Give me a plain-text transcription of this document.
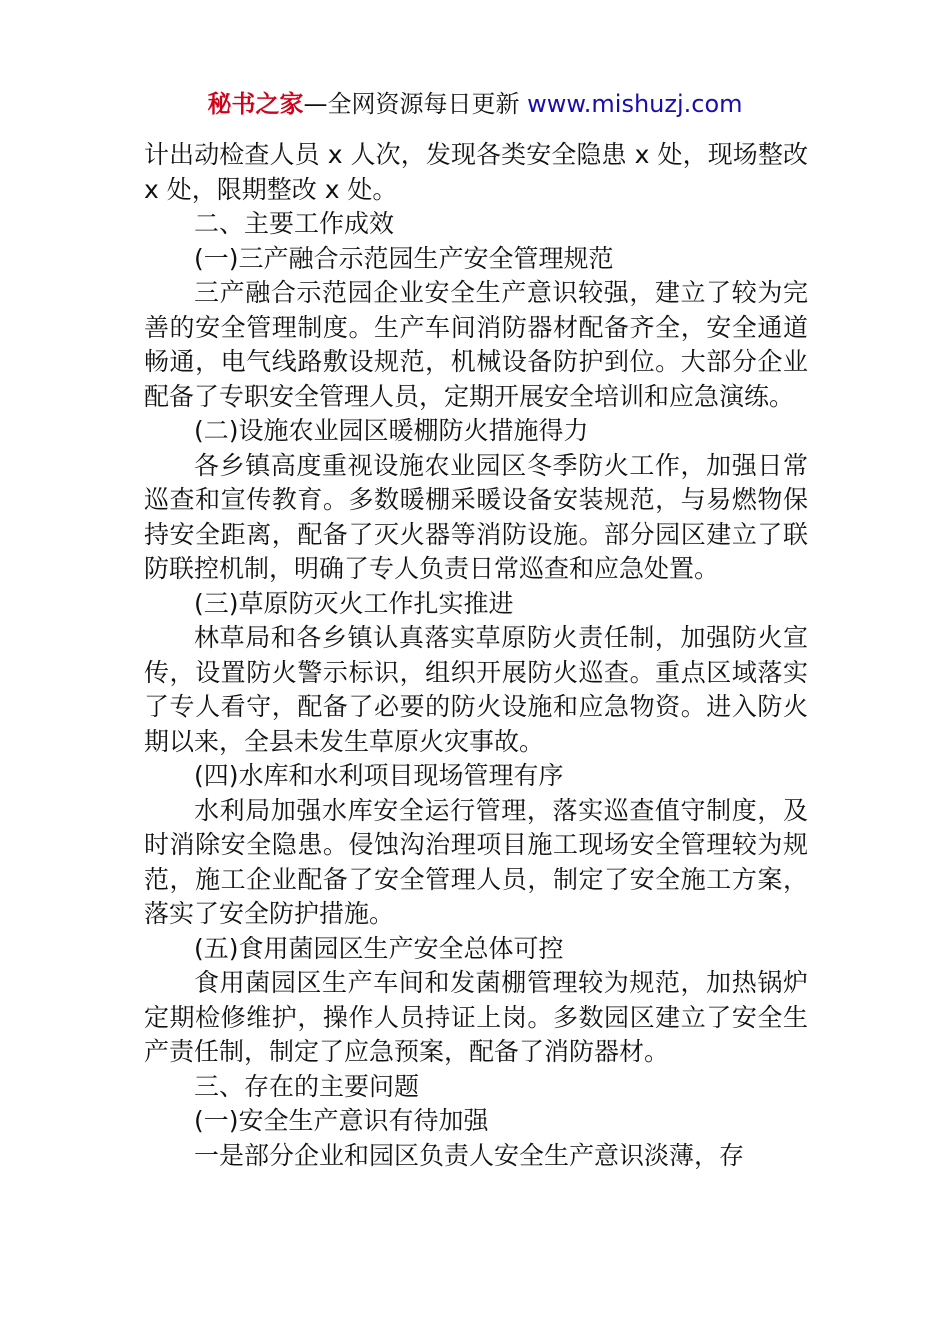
秘书之家—全网资源每日更新 www.mishuzj.com

计出动检查人员 x 人次，发现各类安全隐患 x 处，现场整改x 处，限期整改 x 处。

二、主要工作成效

(一)三产融合示范园生产安全管理规范

三产融合示范园企业安全生产意识较强，建立了较为完善的安全管理制度。生产车间消防器材配备齐全，安全通道畅通，电气线路敷设规范，机械设备防护到位。大部分企业配备了专职安全管理人员，定期开展安全培训和应急演练。

(二)设施农业园区暖棚防火措施得力

各乡镇高度重视设施农业园区冬季防火工作，加强日常巡查和宣传教育。多数暖棚采暖设备安装规范，与易燃物保持安全距离，配备了灭火器等消防设施。部分园区建立了联防联控机制，明确了专人负责日常巡查和应急处置。

(三)草原防灭火工作扎实推进

林草局和各乡镇认真落实草原防火责任制，加强防火宣传，设置防火警示标识，组织开展防火巡查。重点区域落实了专人看守，配备了必要的防火设施和应急物资。进入防火期以来，全县未发生草原火灾事故。

(四)水库和水利项目现场管理有序

水利局加强水库安全运行管理，落实巡查值守制度，及时消除安全隐患。侵蚀沟治理项目施工现场安全管理较为规范，施工企业配备了安全管理人员，制定了安全施工方案，落实了安全防护措施。

(五)食用菌园区生产安全总体可控

食用菌园区生产车间和发菌棚管理较为规范，加热锅炉定期检修维护，操作人员持证上岗。多数园区建立了安全生产责任制，制定了应急预案，配备了消防器材。

三、存在的主要问题

(一)安全生产意识有待加强

一是部分企业和园区负责人安全生产意识淡薄，存
